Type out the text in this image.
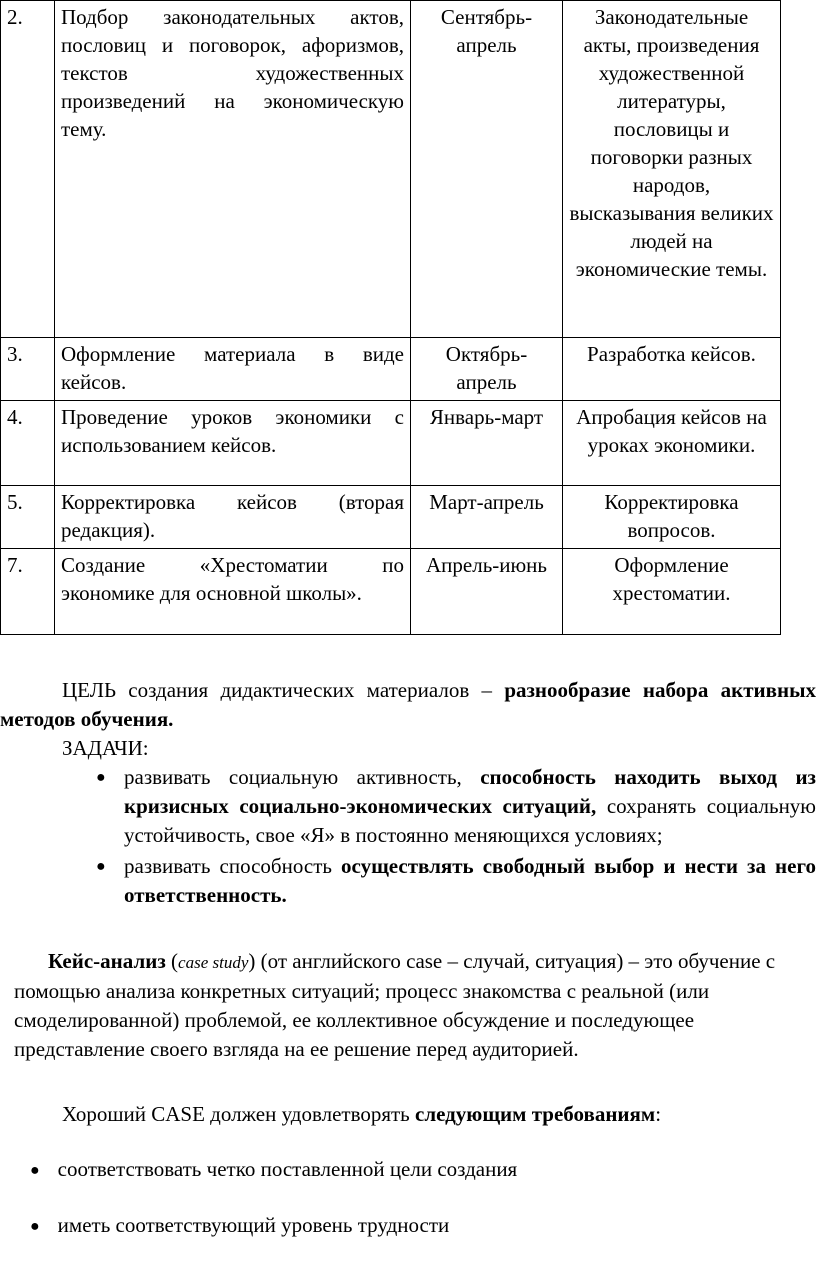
2.	Подбор законодательных актов, пословиц и поговорок, афоризмов, текстов художественных произведений на экономическую тему.	Сентябрь-апрель	Законодательные акты, произведения художественной литературы, пословицы и поговорки разных народов, высказывания великих людей на экономические темы.
3.	Оформление материала в виде кейсов.	Октябрь-апрель	Разработка кейсов.
4.	Проведение уроков экономики с использованием кейсов.	Январь-март	Апробация кейсов на уроках экономики.
5.	Корректировка кейсов (вторая редакция).	Март-апрель	Корректировка вопросов.
7.	Создание «Хрестоматии по экономике для основной школы».	Апрель-июнь	Оформление хрестоматии.
ЦЕЛЬ создания дидактических материалов – разнообразие набора активных методов обучения.
ЗАДАЧИ:
● развивать социальную активность, способность находить выход из кризисных социально-экономических ситуаций, сохранять социальную устойчивость, свое «Я» в постоянно меняющихся условиях;
● развивать способность осуществлять свободный выбор и нести за него ответственность.
Кейс-анализ (case study) (от английского case – случай, ситуация) – это обучение с помощью анализа конкретных ситуаций; процесс знакомства с реальной (или смоделированной) проблемой, ее коллективное обсуждение и последующее представление своего взгляда на ее решение перед аудиторией.
Хороший CASE должен удовлетворять следующим требованиям:
● соответствовать четко поставленной цели создания
● иметь соответствующий уровень трудности
